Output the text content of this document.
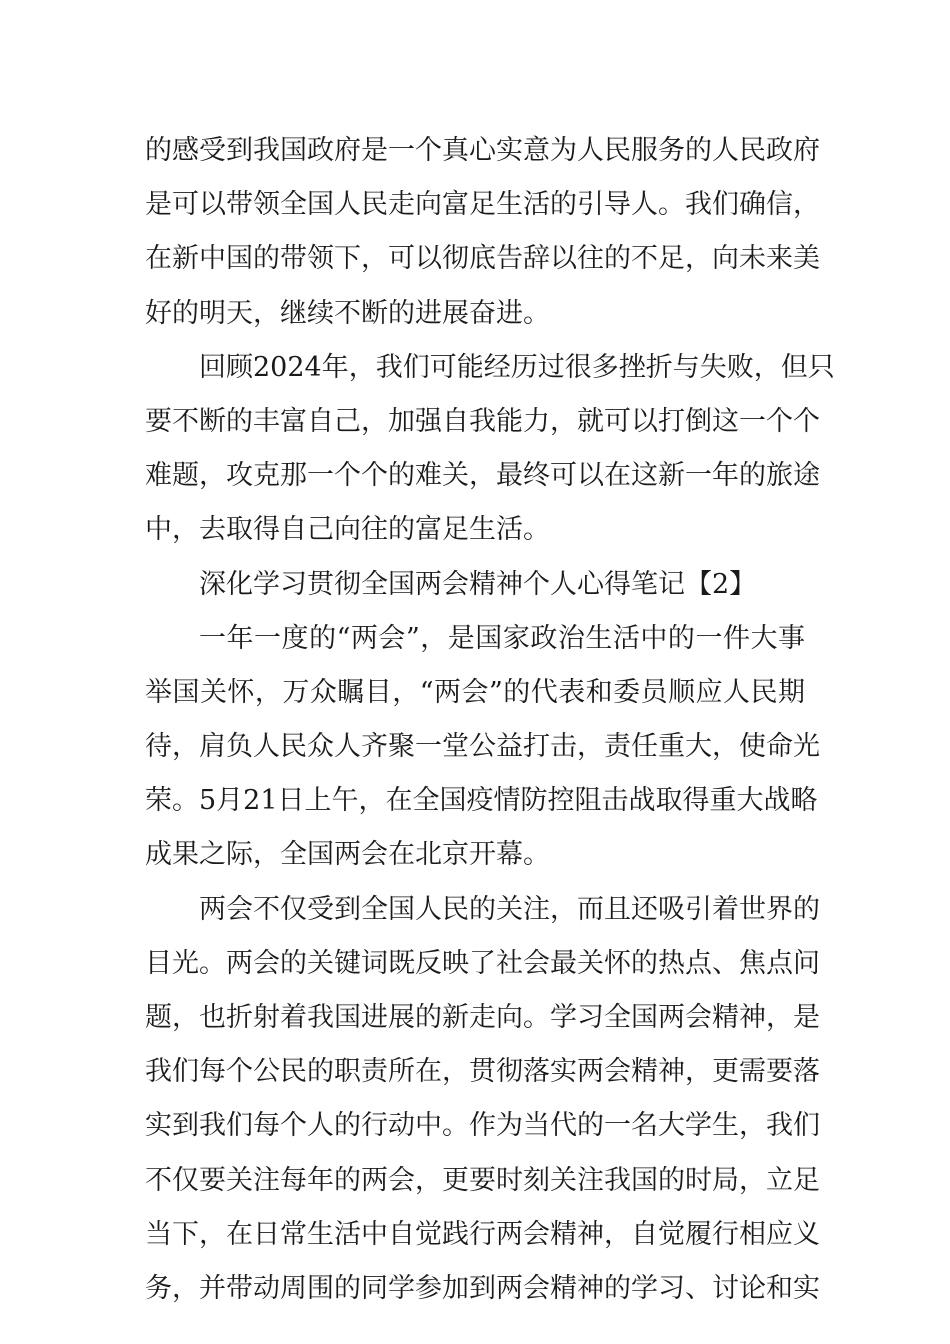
的感受到我国政府是一个真心实意为人民服务的人民政府
是可以带领全国人民走向富足生活的引导人。我们确信，
在新中国的带领下，可以彻底告辞以往的不足，向未来美
好的明天，继续不断的进展奋进。
回顾2024年，我们可能经历过很多挫折与失败，但只
要不断的丰富自己，加强自我能力，就可以打倒这一个个
难题，攻克那一个个的难关，最终可以在这新一年的旅途
中，去取得自己向往的富足生活。
深化学习贯彻全国两会精神个人心得笔记【2】
一年一度的“两会”，是国家政治生活中的一件大事
举国关怀，万众瞩目，“两会”的代表和委员顺应人民期
待，肩负人民众人齐聚一堂公益打击，责任重大，使命光
荣。5月21日上午，在全国疫情防控阻击战取得重大战略
成果之际，全国两会在北京开幕。
两会不仅受到全国人民的关注，而且还吸引着世界的
目光。两会的关键词既反映了社会最关怀的热点、焦点问
题，也折射着我国进展的新走向。学习全国两会精神，是
我们每个公民的职责所在，贯彻落实两会精神，更需要落
实到我们每个人的行动中。作为当代的一名大学生，我们
不仅要关注每年的两会，更要时刻关注我国的时局，立足
当下，在日常生活中自觉践行两会精神，自觉履行相应义
务，并带动周围的同学参加到两会精神的学习、讨论和实
